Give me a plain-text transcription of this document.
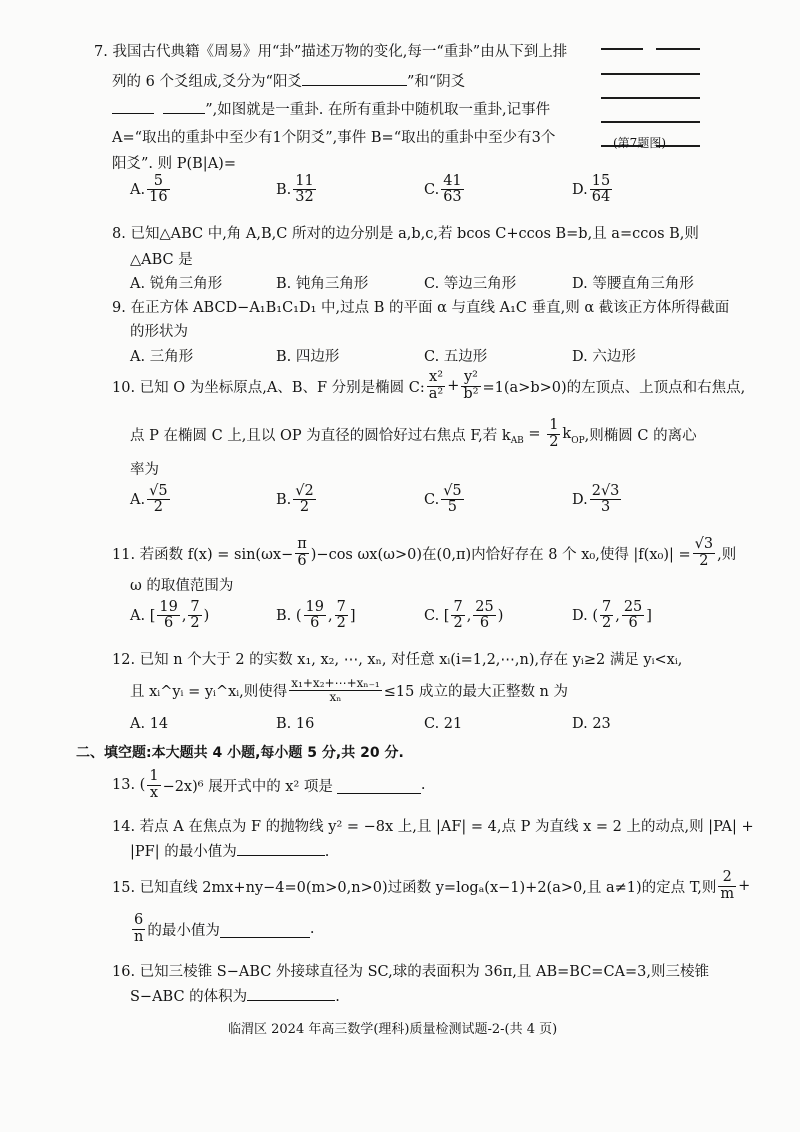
7. 我国古代典籍《周易》用“卦”描述万物的变化,每一“重卦”由从下到上排
列的 6 个爻组成,爻分为“阳爻	”和“阴爻
”,如图就是一重卦. 在所有重卦中随机取一重卦,记事件
A=“取出的重卦中至少有1个阴爻”,事件 B=“取出的重卦中至少有3个
阳爻”. 则 P(B|A)=
(第7题图)
A. $\frac{5}{16}$	B. $\frac{11}{32}$	C. $\frac{41}{63}$	D. $\frac{15}{64}$
8. 已知△ABC 中,角 A,B,C 所对的边分别是 a,b,c,若 bcos C+ccos B=b,且 a=ccos B,则
△ABC 是
A. 锐角三角形	B. 钝角三角形	C. 等边三角形	D. 等腰直角三角形
9. 在正方体 ABCD−A₁B₁C₁D₁ 中,过点 B 的平面 α 与直线 A₁C 垂直,则 α 截该正方体所得截面
的形状为
A. 三角形	B. 四边形	C. 五边形	D. 六边形
10. 已知 O 为坐标原点,A、B、F 分别是椭圆 C: $\frac{\text{x²}}{\text{a²}} + \frac{\text{y²}}{\text{b²}} =1(a>b>0)$的左顶点、上顶点和右焦点,
点 P 在椭圆 C 上,且以 OP 为直径的圆恰好过右焦点 F,若 $k_{AB} = \frac{1}{2} k_{OP}$ ,则椭圆 C 的离心
率为
A. $\frac{√5}{2}$	B. $\frac{√2}{2}$	C. $\frac{√5}{5}$	D. $\frac{2√3}{3}$
11. 若函数 $f(x) = \sin(\omega x- \frac{\pi}{6} )-\cos$ ωx(ω>0)在(0,π)内恰好存在 8 个 x₀,使得 $|f(x_0)| = \frac{√3}{2}$ ,则
ω 的取值范围为
A. [ $\frac{19}{6}$ , $\frac{7}{2}$ )	B. ( $\frac{19}{6}$ , $\frac{7}{2}$ ]	C. [ $\frac{7}{2}$ , $\frac{25}{6}$ )	D. ( $\frac{7}{2}$ , $\frac{25}{6}$ ]
12. 已知 n 个大于 2 的实数 x₁, x₂, ⋯, xₙ, 对任意 xᵢ(i=1,2,⋯,n),存在 yᵢ≥2 满足 yᵢ<xᵢ,
且 xᵢ^yᵢ = yᵢ^xᵢ,则使得 $\frac{\text{x₁+x₂+⋯+xₙ₋₁}}{\text{xₙ}} \le 15$ 成立的最大正整数 n 为
A. 14	B. 16	C. 21	D. 23
二、填空题:本大题共 4 小题,每小题 5 分,共 20 分.
13. ( $\frac{1}{x} -2x)^6$ 展开式中的 x² 项是	.
14. 若点 A 在焦点为 F 的抛物线 y² = −8x 上,且 |AF| = 4,点 P 为直线 x = 2 上的动点,则 |PA| +
|PF| 的最小值为	.
15. 已知直线 2mx+ny−4=0(m>0,n>0)过函数 y=logₐ(x−1)+2(a>0,且 a≠1)的定点 T,则 $\frac{2}{m}$ +
$\frac{6}{n}$ 的最小值为	.
16. 已知三棱锥 S−ABC 外接球直径为 SC,球的表面积为 36π,且 AB=BC=CA=3,则三棱锥
S−ABC 的体积为	.
临渭区 2024 年高三数学(理科)质量检测试题-2-(共 4 页)
